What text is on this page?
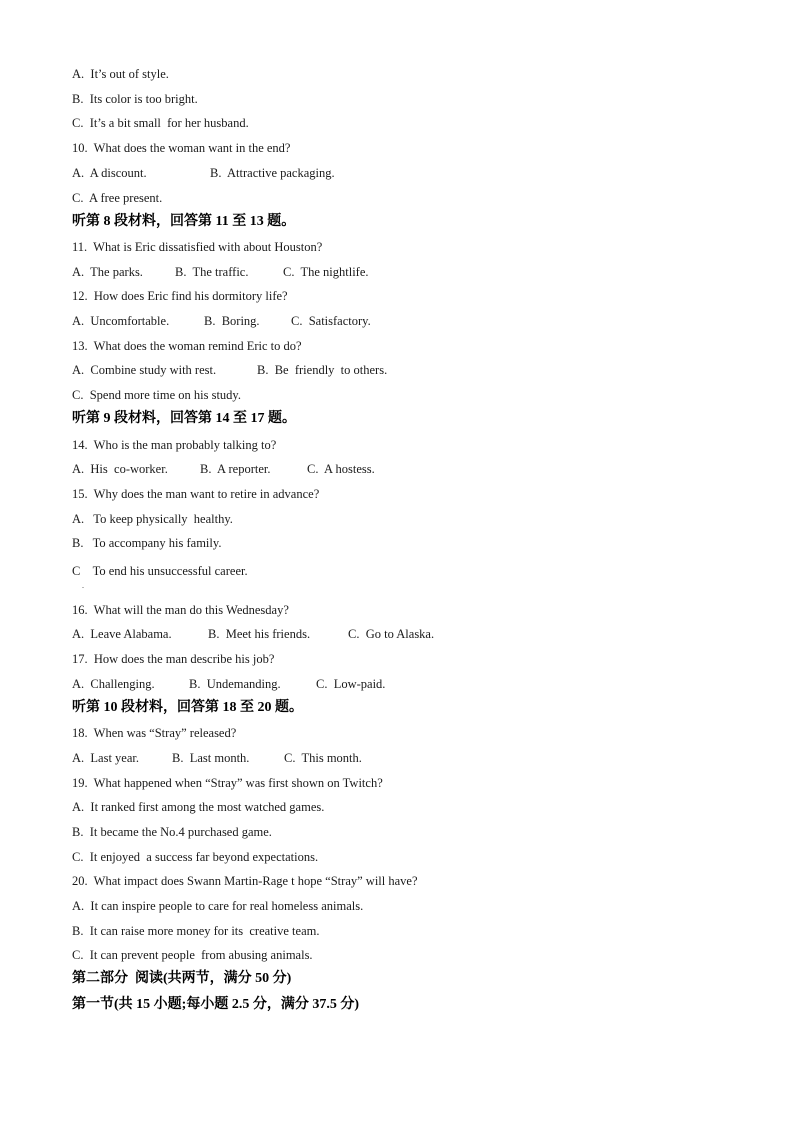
A.  It’s out of style.
B.  Its color is too bright.
C.  It’s a bit small  for her husband.
10.  What does the woman want in the end?
A.  A discount.	B.  Attractive packaging.
C.  A free present.
听第 8 段材料，回答第 11 至 13 题。
11.  What is Eric dissatisfied with about Houston?
A.  The parks.	B.  The traffic.	C.  The nightlife.
12.  How does Eric find his dormitory life?
A.  Uncomfortable.	B.  Boring.	C.  Satisfactory.
13.  What does the woman remind Eric to do?
A.  Combine study with rest.	B.  Be  friendly  to others.
C.  Spend more time on his study.
听第 9 段材料，回答第 14 至 17 题。
14.  Who is the man probably talking to?
A.  His  co-worker.	B.  A reporter.	C.  A hostess.
15.  Why does the man want to retire in advance?
A.   To keep physically  healthy.
B.   To accompany his family.
C    To end his unsuccessful career.
.
16.  What will the man do this Wednesday?
A.  Leave Alabama.	B.  Meet his friends.	C.  Go to Alaska.
17.  How does the man describe his job?
A.  Challenging.	B.  Undemanding.	C.  Low-paid.
听第 10 段材料，回答第 18 至 20 题。
18.  When was “Stray” released?
A.  Last year.	B.  Last month.	C.  This month.
19.  What happened when “Stray” was first shown on Twitch?
A.  It ranked first among the most watched games.
B.  It became the No.4 purchased game.
C.  It enjoyed  a success far beyond expectations.
20.  What impact does Swann Martin-Rage t hope “Stray” will have?
A.  It can inspire people to care for real homeless animals.
B.  It can raise more money for its  creative team.
C.  It can prevent people  from abusing animals.
第二部分  阅读(共两节，满分 50 分)
第一节(共 15 小题;每小题 2.5 分，满分 37.5 分)
